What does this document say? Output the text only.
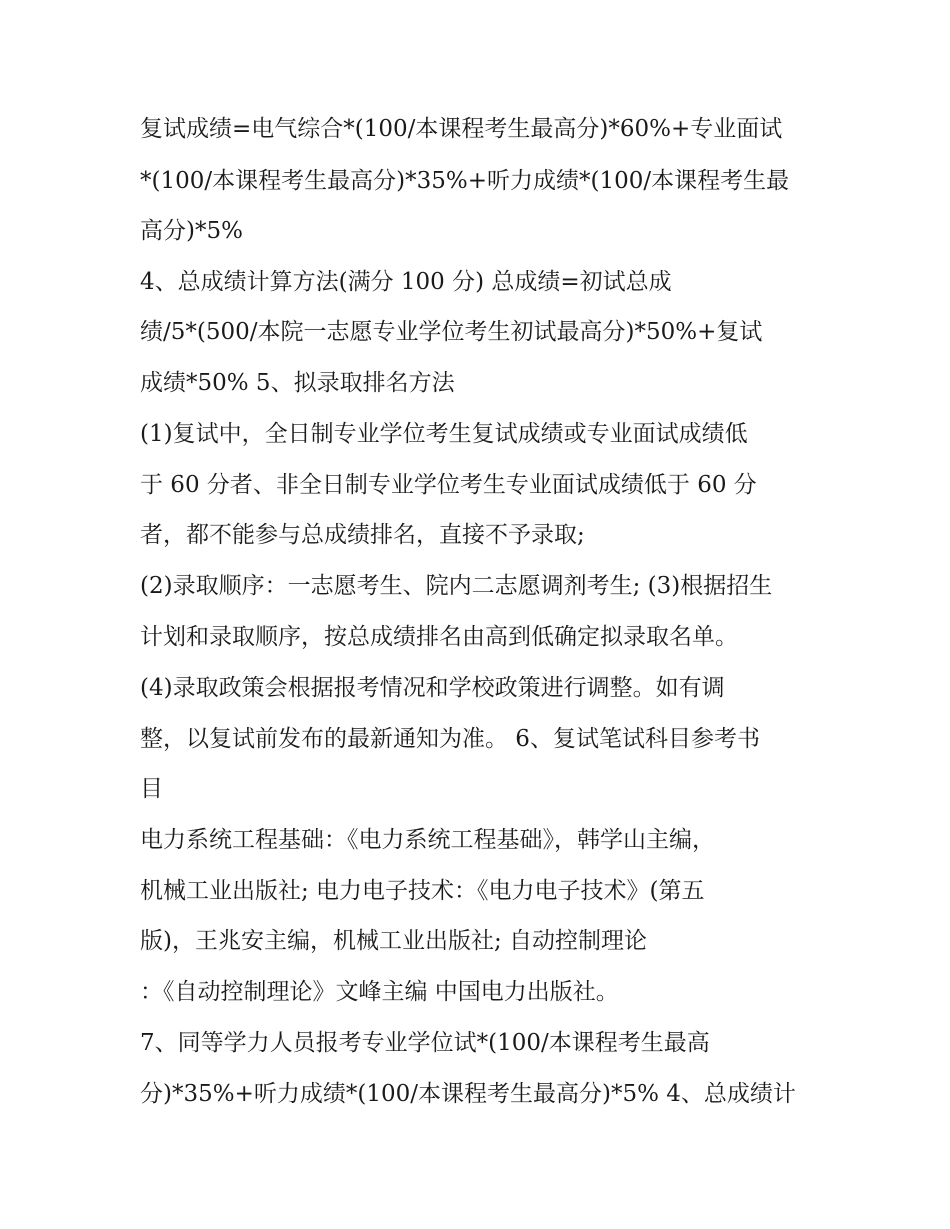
复试成绩=电气综合*(100/本课程考生最高分)*60%+专业面试
*(100/本课程考生最高分)*35%+听力成绩*(100/本课程考生最
高分)*5%
4、总成绩计算方法(满分 100 分) 总成绩=初试总成
绩/5*(500/本院一志愿专业学位考生初试最高分)*50%+复试
成绩*50% 5、拟录取排名方法
(1)复试中，全日制专业学位考生复试成绩或专业面试成绩低
于 60 分者、非全日制专业学位考生专业面试成绩低于 60 分
者，都不能参与总成绩排名，直接不予录取;
(2)录取顺序：一志愿考生、院内二志愿调剂考生; (3)根据招生
计划和录取顺序，按总成绩排名由高到低确定拟录取名单。
(4)录取政策会根据报考情况和学校政策进行调整。如有调
整，以复试前发布的最新通知为准。 6、复试笔试科目参考书
目
电力系统工程基础：《电力系统工程基础》，韩学山主编，
机械工业出版社; 电力电子技术：《电力电子技术》(第五
版)，王兆安主编，机械工业出版社; 自动控制理论
：《自动控制理论》文峰主编 中国电力出版社。
7、同等学力人员报考专业学位试*(100/本课程考生最高
分)*35%+听力成绩*(100/本课程考生最高分)*5% 4、总成绩计
